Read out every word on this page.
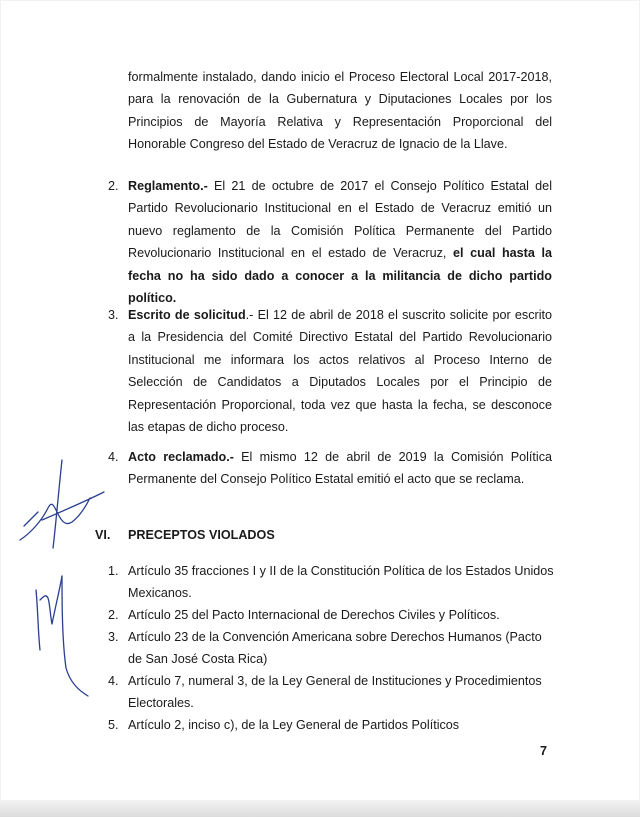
formalmente instalado, dando inicio el Proceso Electoral Local 2017-2018, para la renovación de la Gubernatura y Diputaciones Locales por los Principios de Mayoría Relativa y Representación Proporcional del Honorable Congreso del Estado de Veracruz de Ignacio de la Llave.

2. Reglamento.- El 21 de octubre de 2017 el Consejo Político Estatal del Partido Revolucionario Institucional en el Estado de Veracruz emitió un nuevo reglamento de la Comisión Política Permanente del Partido Revolucionario Institucional en el estado de Veracruz, el cual hasta la fecha no ha sido dado a conocer a la militancia de dicho partido político.

3. Escrito de solicitud.- El 12 de abril de 2018 el suscrito solicite por escrito a la Presidencia del Comité Directivo Estatal del Partido Revolucionario Institucional me informara los actos relativos al Proceso Interno de Selección de Candidatos a Diputados Locales por el Principio de Representación Proporcional, toda vez que hasta la fecha, se desconoce las etapas de dicho proceso.

4. Acto reclamado.- El mismo 12 de abril de 2019 la Comisión Política Permanente del Consejo Político Estatal emitió el acto que se reclama.

VI. PRECEPTOS VIOLADOS
1. Artículo 35 fracciones I y II de la Constitución Política de los Estados Unidos Mexicanos.
2. Artículo 25 del Pacto Internacional de Derechos Civiles y Políticos.
3. Artículo 23 de la Convención Americana sobre Derechos Humanos (Pacto de San José Costa Rica)
4. Artículo 7, numeral 3, de la Ley General de Instituciones y Procedimientos Electorales.
5. Artículo 2, inciso c), de la Ley General de Partidos Políticos
7
